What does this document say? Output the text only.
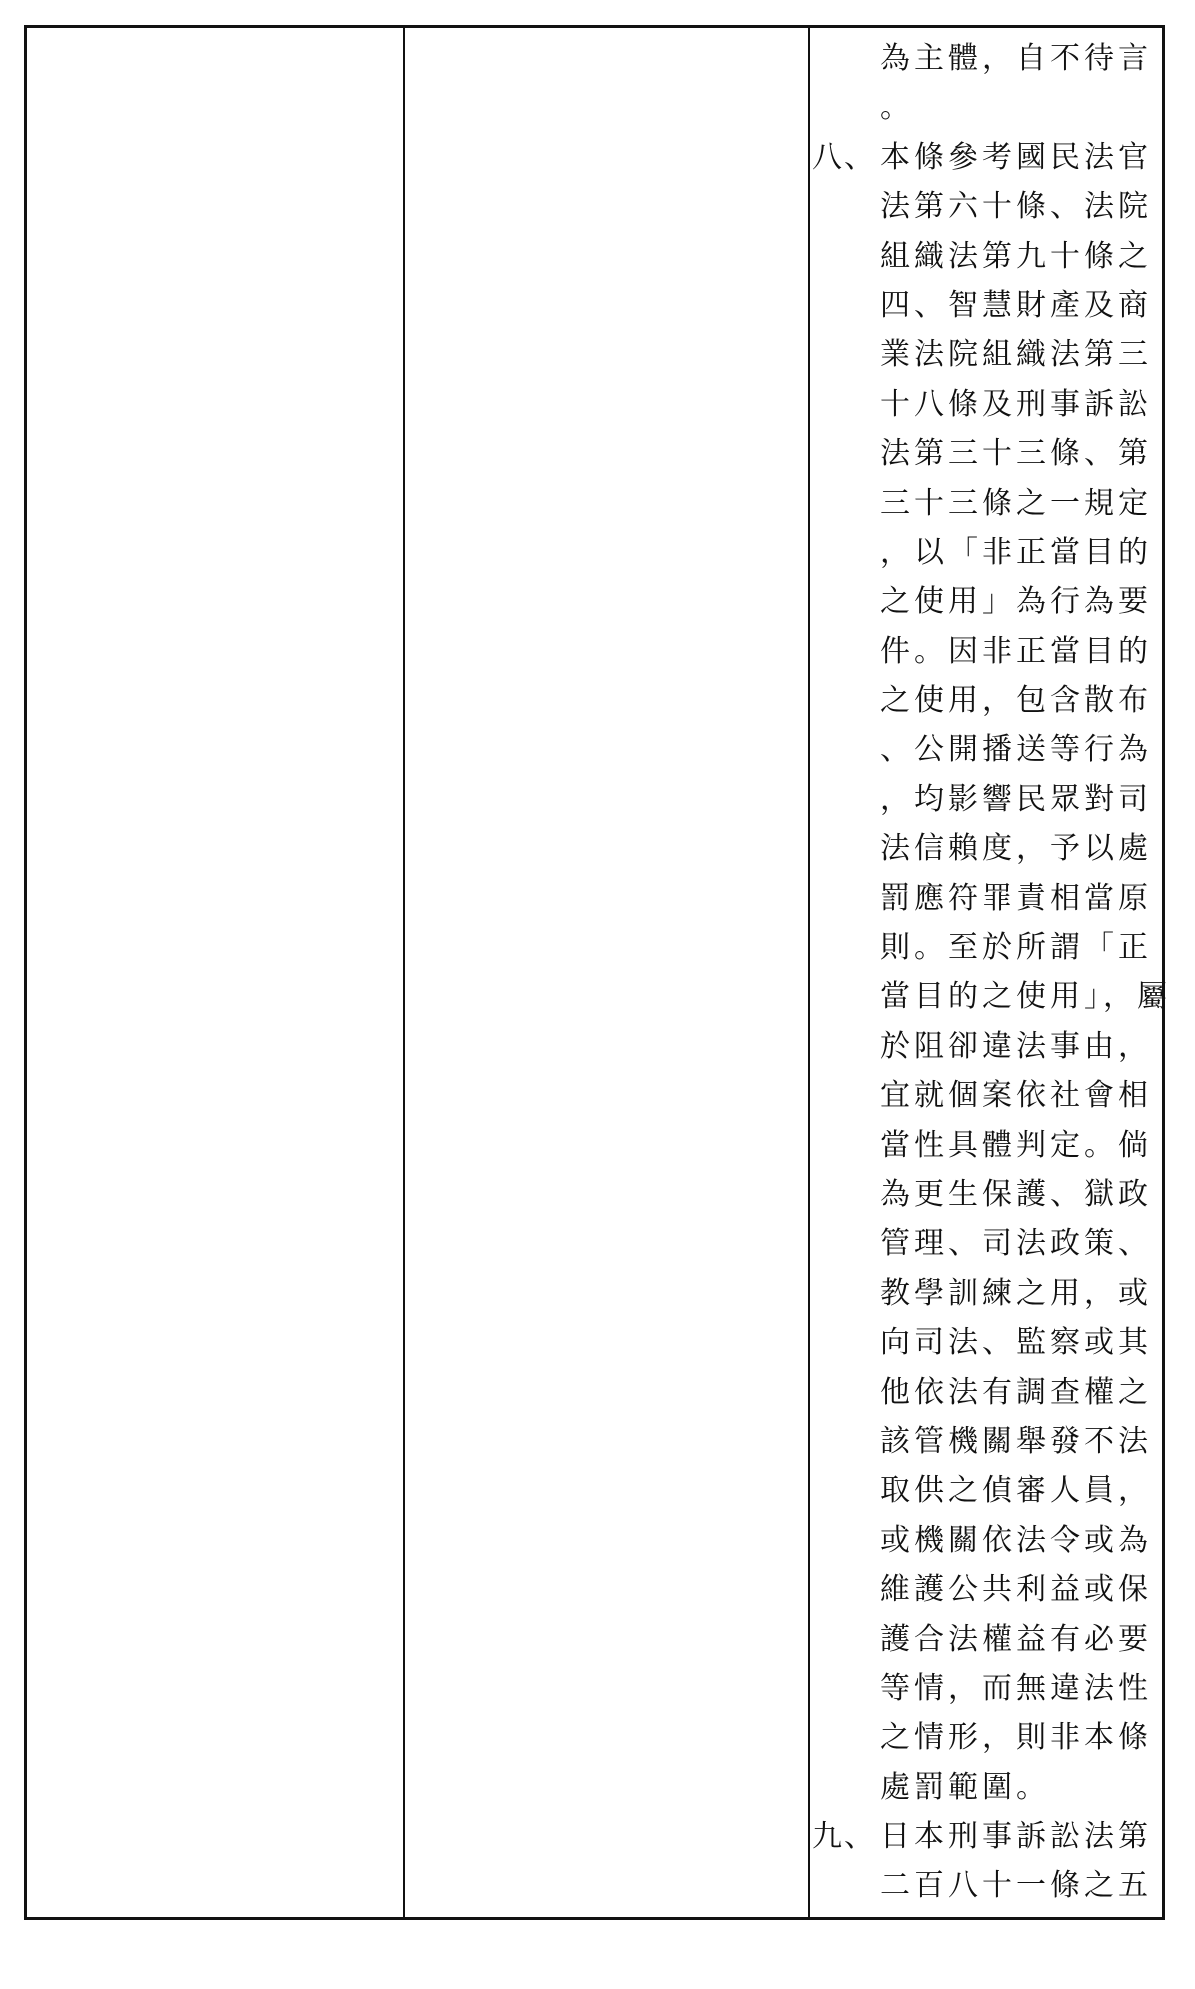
為主體，自不待言
。
八、 本條參考國民法官
法第六十條、法院
組織法第九十條之
四、智慧財產及商
業法院組織法第三
十八條及刑事訴訟
法第三十三條、第
三十三條之一規定
，以「非正當目的
之使用」為行為要
件。因非正當目的
之使用，包含散布
、公開播送等行為
，均影響民眾對司
法信賴度，予以處
罰應符罪責相當原
則。至於所謂「正
當目的之使用」，屬
於阻卻違法事由，
宜就個案依社會相
當性具體判定。倘
為更生保護、獄政
管理、司法政策、
教學訓練之用，或
向司法、監察或其
他依法有調查權之
該管機關舉發不法
取供之偵審人員，
或機關依法令或為
維護公共利益或保
護合法權益有必要
等情，而無違法性
之情形，則非本條
處罰範圍。
九、 日本刑事訴訟法第
二百八十一條之五
